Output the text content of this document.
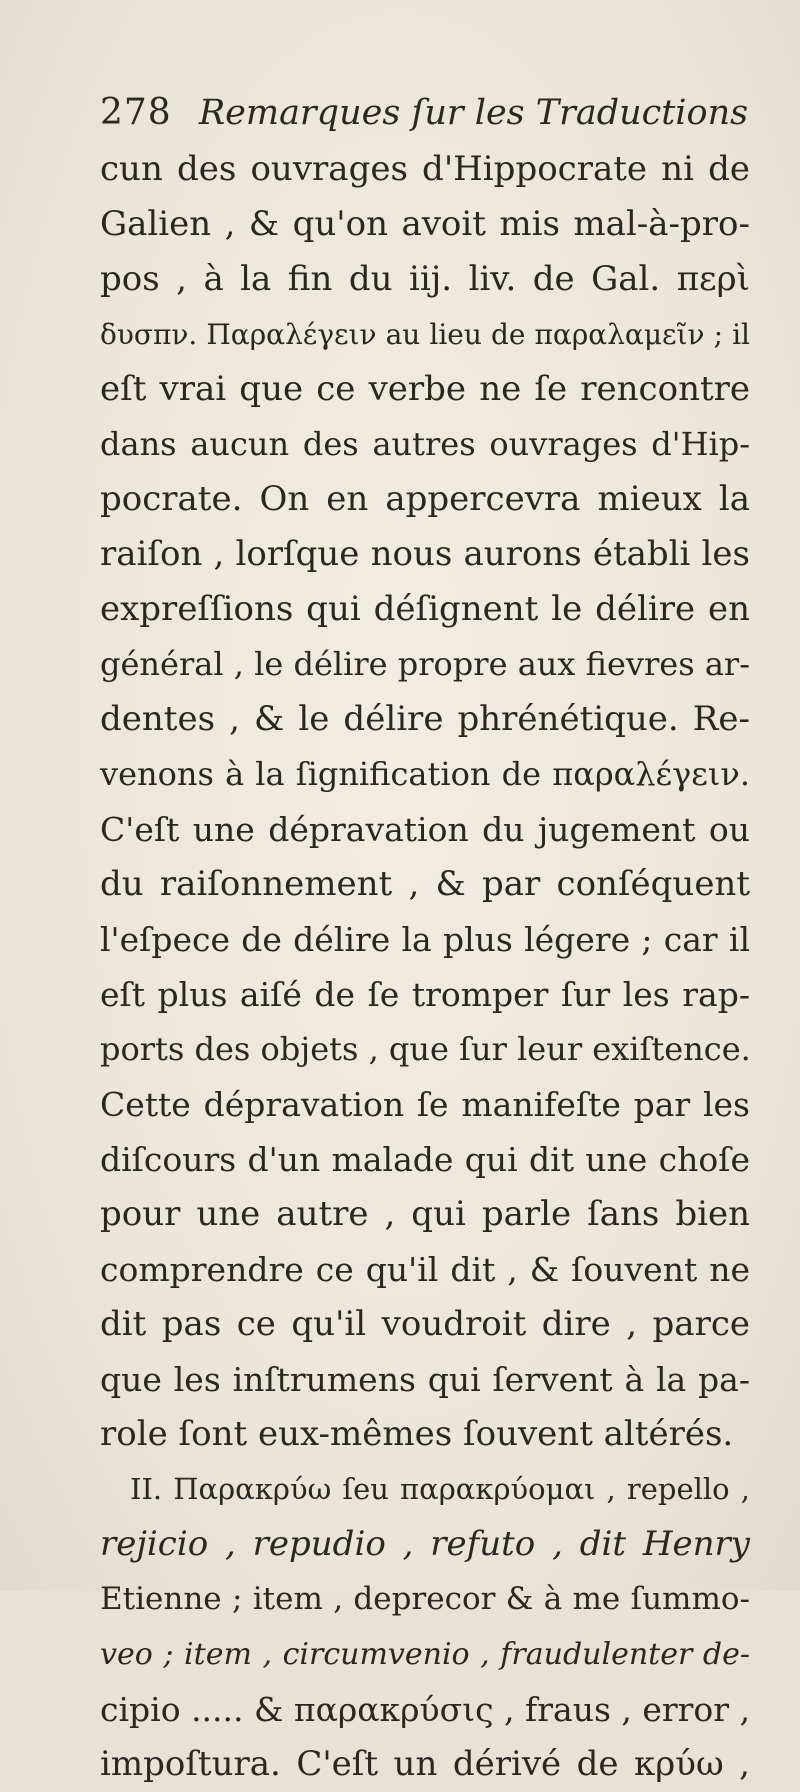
278 Remarques ſur les Traductions
cun des ouvrages d'Hippocrate ni de
Galien , & qu'on avoit mis mal-à-pro-
pos , à la fin du iij. liv. de Gal. περὶ
δυσπν. Παραλέγειν au lieu de παραλαμεῖν ; il
eſt vrai que ce verbe ne ſe rencontre
dans aucun des autres ouvrages d'Hip-
pocrate. On en appercevra mieux la
raiſon , lorſque nous aurons établi les
expreſſions qui déſignent le délire en
général , le délire propre aux fievres ar-
dentes , & le délire phrénétique. Re-
venons à la ſignification de παραλέγειν.
C'eſt une dépravation du jugement ou
du raiſonnement , & par conſéquent
l'eſpece de délire la plus légere ; car il
eſt plus aiſé de ſe tromper ſur les rap-
ports des objets , que ſur leur exiſtence.
Cette dépravation ſe manifeſte par les
diſcours d'un malade qui dit une choſe
pour une autre , qui parle ſans bien
comprendre ce qu'il dit , & ſouvent ne
dit pas ce qu'il voudroit dire , parce
que les inſtrumens qui ſervent à la pa-
role ſont eux-mêmes ſouvent altérés.
II. Παρακρύω ſeu παρακρύομαι , repello ,
rejicio , repudio , refuto , dit Henry
Etienne ; item , deprecor & à me ſummo-
veo ; item , circumvenio , fraudulenter de-
cipio ..... & παρακρύσις , fraus , error ,
impoſtura. C'eſt un dérivé de κρύω ,
